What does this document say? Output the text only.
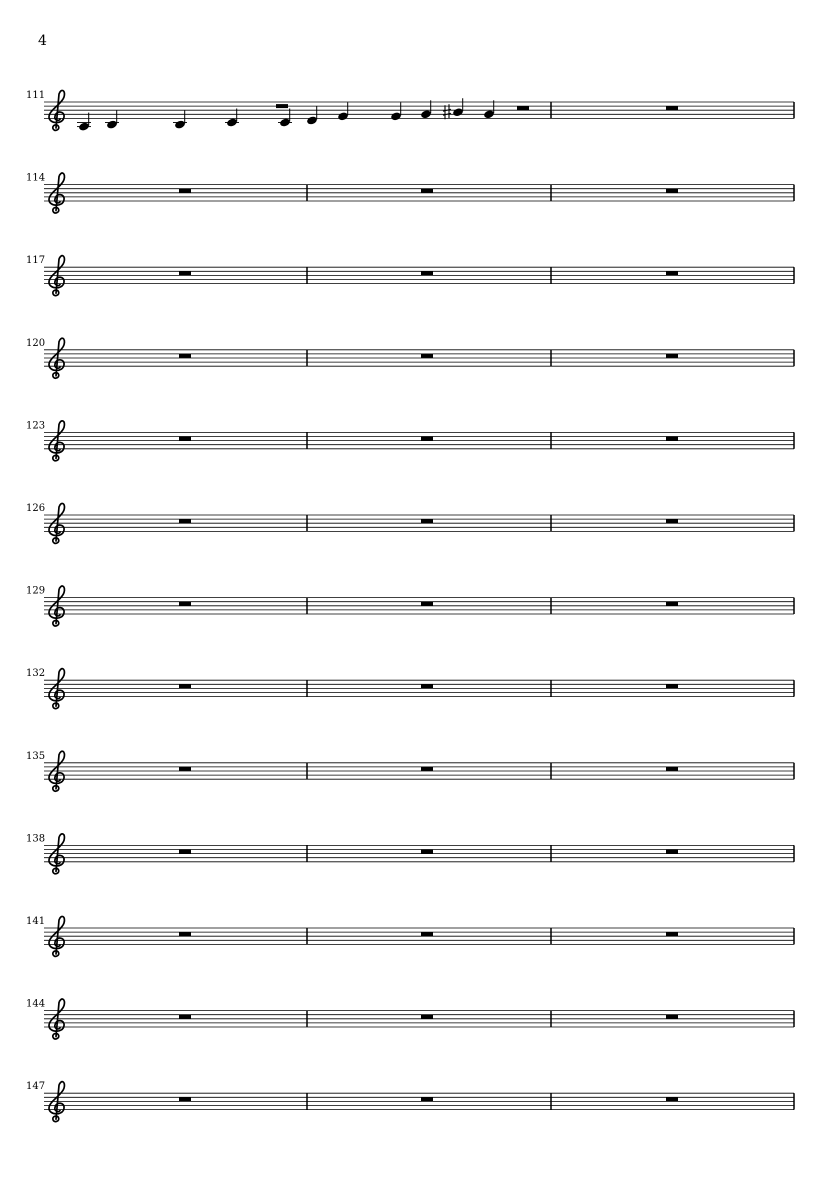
4
111
114
117
120
123
126
129
132
135
138
141
144
147
